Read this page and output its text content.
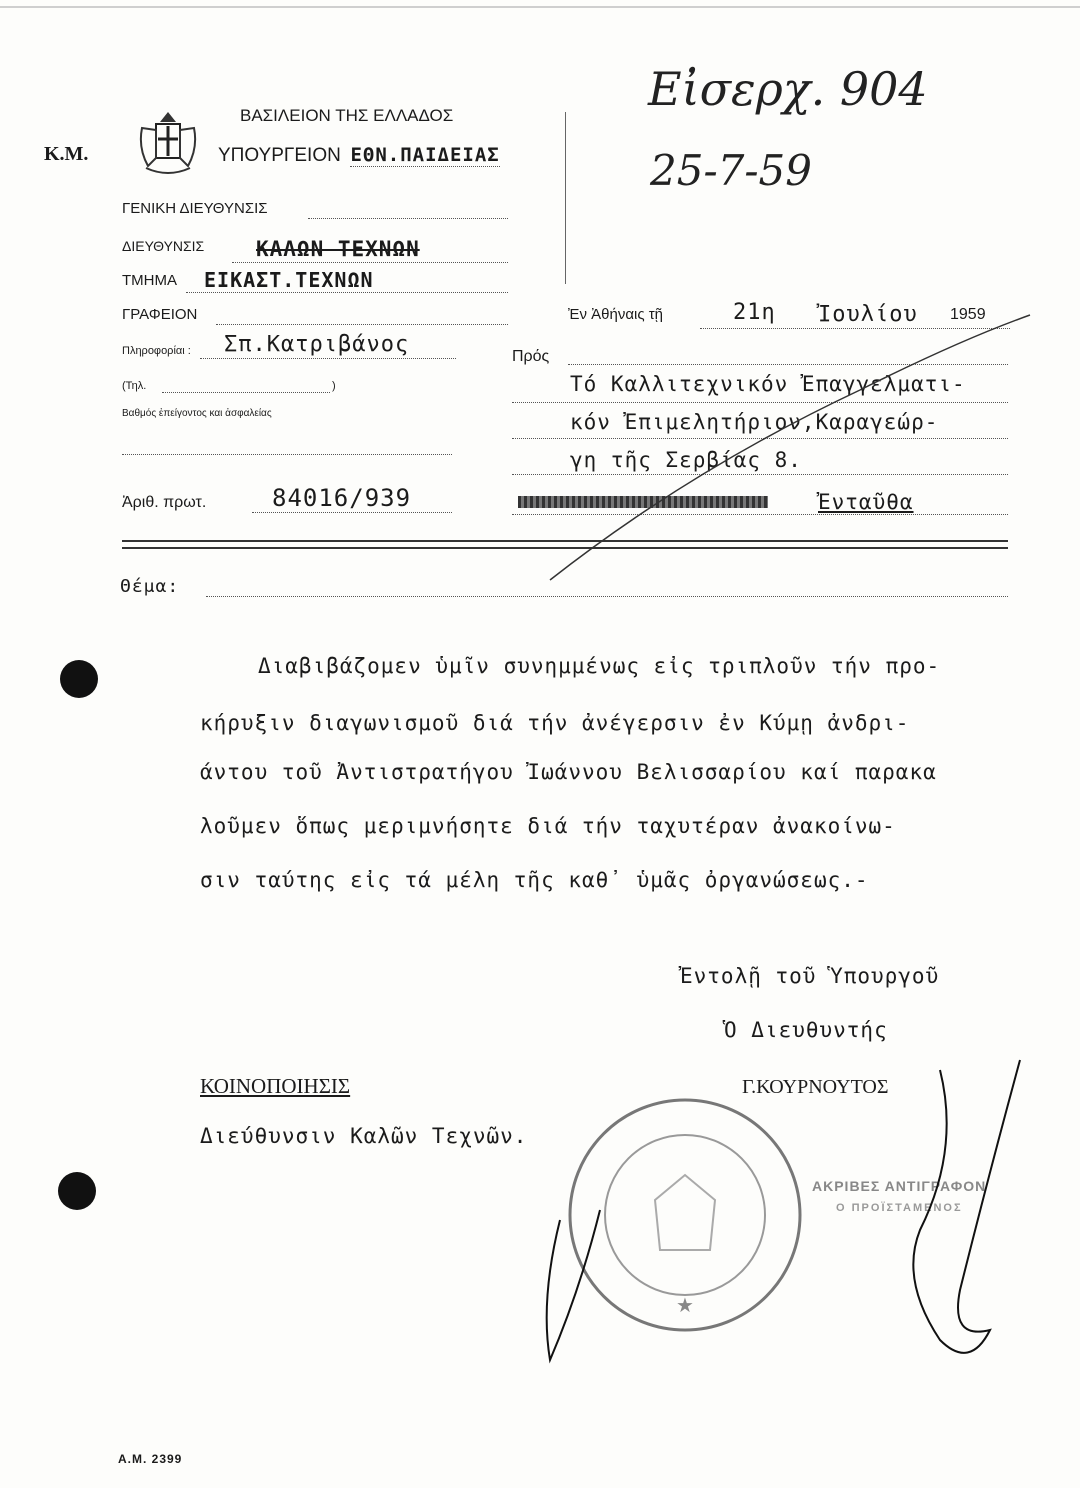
Κ.Μ.
ΒΑΣΙΛΕΙΟΝ ΤΗΣ ΕΛΛΑΔΟΣ
ΥΠΟΥΡΓΕΙΟΝ ΕΘΝ.ΠΑΙΔΕΙΑΣ
Εἰσερχ. 904
25-7-59
ΓΕΝΙΚΗ ΔΙΕΥΘΥΝΣΙΣ
ΔΙΕΥΘΥΝΣΙΣ ΚΑΛΩΝ ΤΕΧΝΩΝ
ΤΜΗΜΑ ΕΙΚΑΣΤ.ΤΕΧΝΩΝ
ΓΡΑΦΕΙΟΝ
Πληροφορίαι : Σπ.Κατριβάνος
(Τηλ.	)
Βαθμός ἐπείγοντος και ἀσφαλείας
Ἀριθ. πρωτ.	84016/939
Ἐν Ἀθήναις τῇ	21η Ἰουλίου 1959
Πρός
Τό Καλλιτεχνικόν Ἐπαγγελματι-
κόν Ἐπιμελητήριον,Καραγεώρ-
γη τῆς Σερβίας 8.
Ἐνταῦθα
Θέμα:
Διαβιβάζομεν ὑμῖν συνημμένως εἰς τριπλοῦν τήν προ-
κήρυξιν διαγωνισμοῦ διά τήν ἀνέγερσιν ἐν Κύμῃ ἀνδρι-
άντου τοῦ Ἀντιστρατήγου Ἰωάννου Βελισσαρίου καί παρακα
λοῦμεν ὅπως μεριμνήσητε διά τήν ταχυτέραν ἀνακοίνω-
σιν ταύτης εἰς τά μέλη τῆς καθ᾿ ὑμᾶς ὀργανώσεως.-
Ἐντολῇ τοῦ Ὑπουργοῦ
Ὁ Διευθυντής
Γ.ΚΟΥΡΝΟΥΤΟΣ
ΚΟΙΝΟΠΟΙΗΣΙΣ
Διεύθυνσιν Καλῶν Τεχνῶν.
★
ΑΚΡΙΒΕΣ ΑΝΤΙΓΡΑΦΟΝ
Ο ΠΡΟΪΣΤΑΜΕΝΟΣ
Α.Μ. 2399
